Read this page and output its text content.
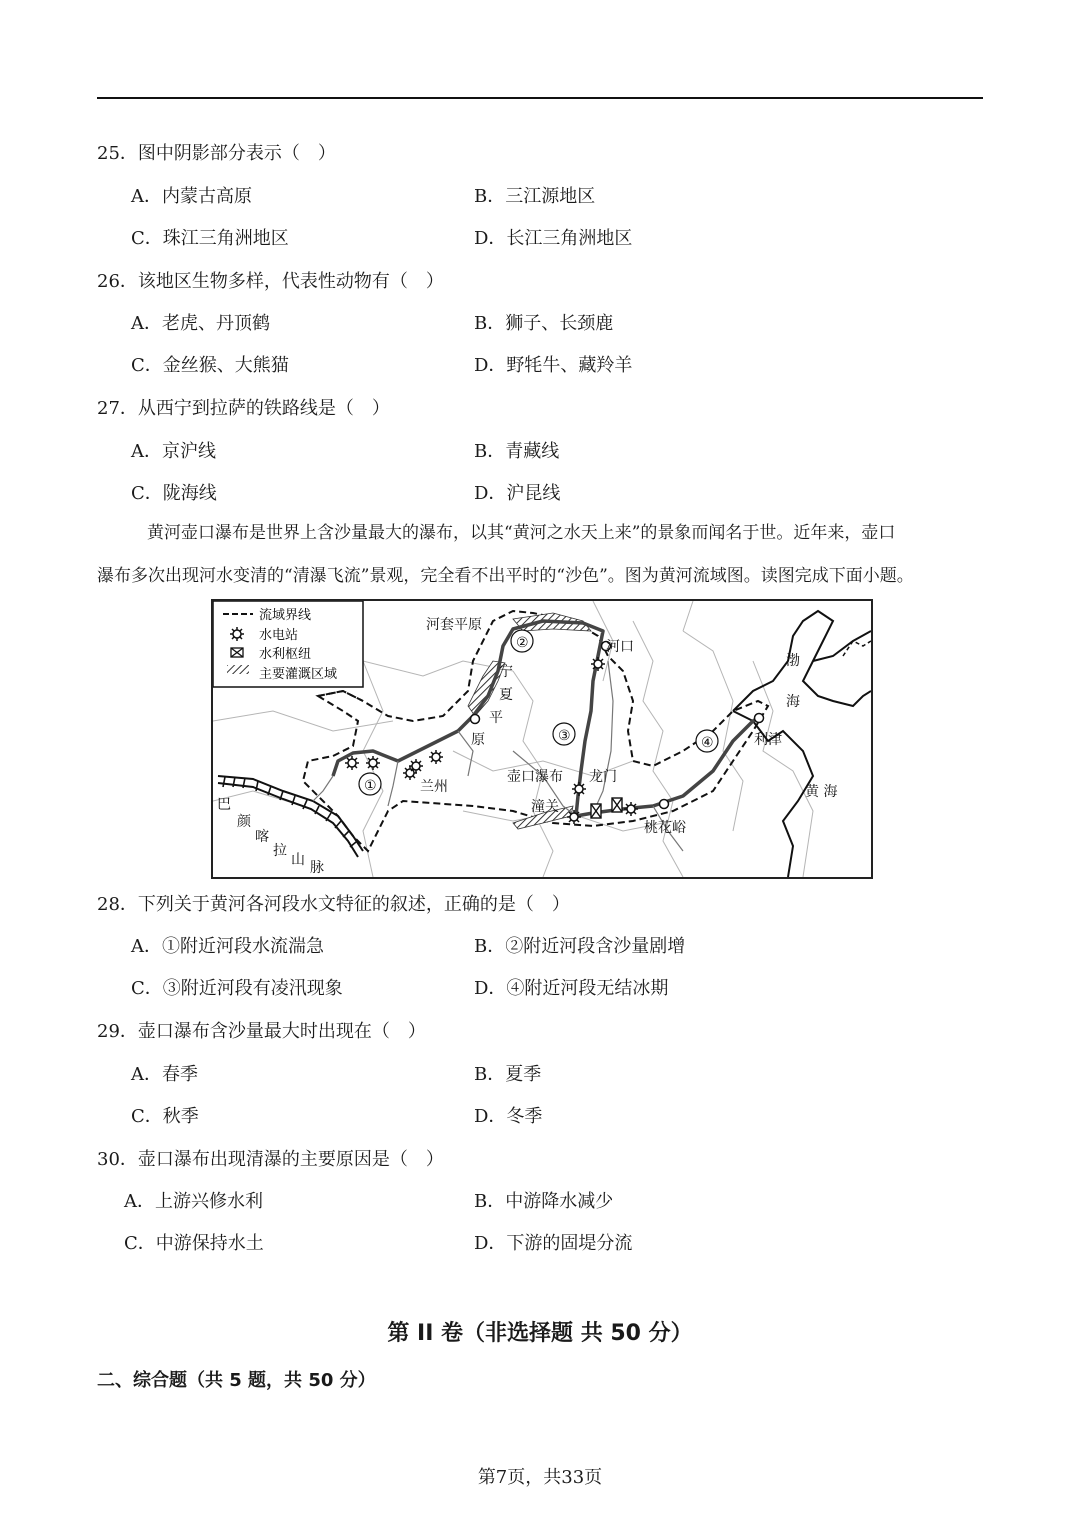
25．图中阴影部分表示（　）
A．内蒙古高原	B．三江源地区
C．珠江三角洲地区	D．长江三角洲地区
26．该地区生物多样，代表性动物有（　）
A．老虎、丹顶鹤	B．狮子、长颈鹿
C．金丝猴、大熊猫	D．野牦牛、藏羚羊
27．从西宁到拉萨的铁路线是（　）
A．京沪线	B．青藏线
C．陇海线	D．沪昆线

黄河壶口瀑布是世界上含沙量最大的瀑布，以其“黄河之水天上来”的景象而闻名于世。近年来，壶口

瀑布多次出现河水变清的“清瀑飞流”景观，完全看不出平时的“沙色”。图为黄河流域图。读图完成下面小题。

流域界线
水电站
水利枢纽
主要灌溉区域
①
②
③	④
河套平原
河口
宁
夏
平
原
兰州
壶口瀑布 龙门
潼关
桃花峪
利津
渤
海
黄 海
巴
颜
喀
拉
山 脉
28．下列关于黄河各河段水文特征的叙述，正确的是（　）
A．①附近河段水流湍急	B．②附近河段含沙量剧增
C．③附近河段有凌汛现象	D．④附近河段无结冰期
29．壶口瀑布含沙量最大时出现在（　）
A．春季	B．夏季
C．秋季	D．冬季
30．壶口瀑布出现清瀑的主要原因是（　）
A．上游兴修水利	B．中游降水减少
C．中游保持水土	D．下游的固堤分流
第 II 卷（非选择题 共 50 分）
二、综合题（共 5 题，共 50 分）
第7页，共33页
